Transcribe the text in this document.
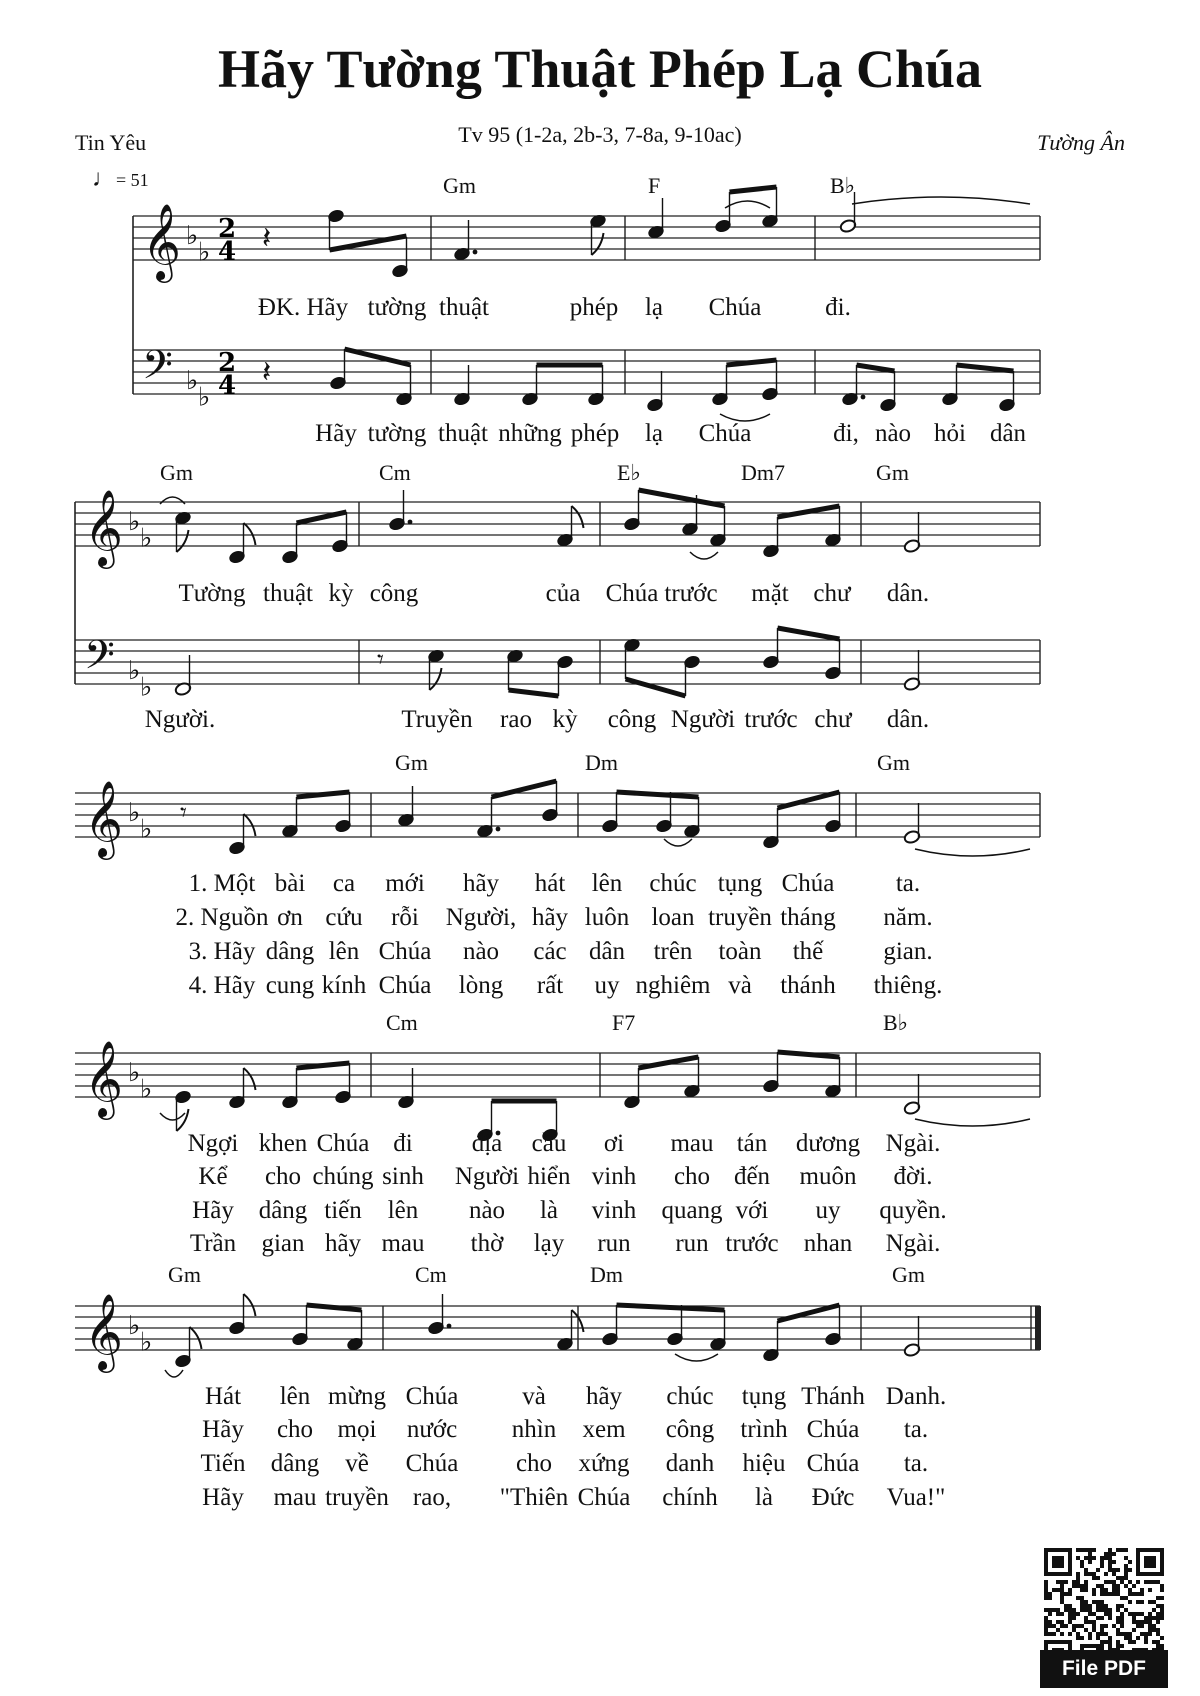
Hãy Tường Thuật Phép Lạ Chúa
Tin Yêu	Tv 95 (1-2a, 2b-3, 7-8a, 9-10ac)	Tường Ân
♩= 51
𝄞 ♭
♭
2
4
𝄢 ♭
♭
2
4
𝄽
𝄽
𝄞 ♭
♭
𝄢 ♭
♭
𝄾
𝄞 ♭
♭
𝄾
𝄞 ♭
♭
𝄞 ♭
♭
ĐK. Hãy tường thuật	phép lạ Chúa	đi.
Hãy tường thuật những phép lạ Chúa	đi, nào hỏi dân
Tường thuật kỳ công	của Chúa trước mặt chư dân.
Người.	Truyền rao kỳ công Người trước chư dân.
1. Một bài ca mới hãy hát lên chúc tụng Chúa ta.
2. Nguồn ơn cứu rỗi Người, hãy luôn loan truyền tháng năm.
3. Hãy dâng lên Chúa nào các dân trên toàn thế gian.
4. Hãy cung kính Chúa lòng rất uy nghiêm và thánh thiêng.
Ngợi khen Chúa đi địa cầu ơi mau tán dương Ngài.
Kể cho chúng sinh Người hiển vinh cho đến muôn đời.
Hãy dâng tiến lên nào là vinh quang với uy quyền.
Trần gian hãy mau thờ lạy run run trước nhan Ngài.
Hát lên mừng Chúa	và hãy chúc tụng Thánh Danh.
Hãy cho mọi nước nhìn xem công trình Chúa ta.
Tiến dâng về Chúa cho xứng danh hiệu Chúa ta.
Hãy mau truyền rao, "Thiên Chúa chính là Đức Vua!"
Gm	F	B♭
Gm	Cm	E♭	Dm7	Gm
Gm	Dm	Gm
Cm	F7	B♭
Gm	Cm	Dm	Gm
File PDF
